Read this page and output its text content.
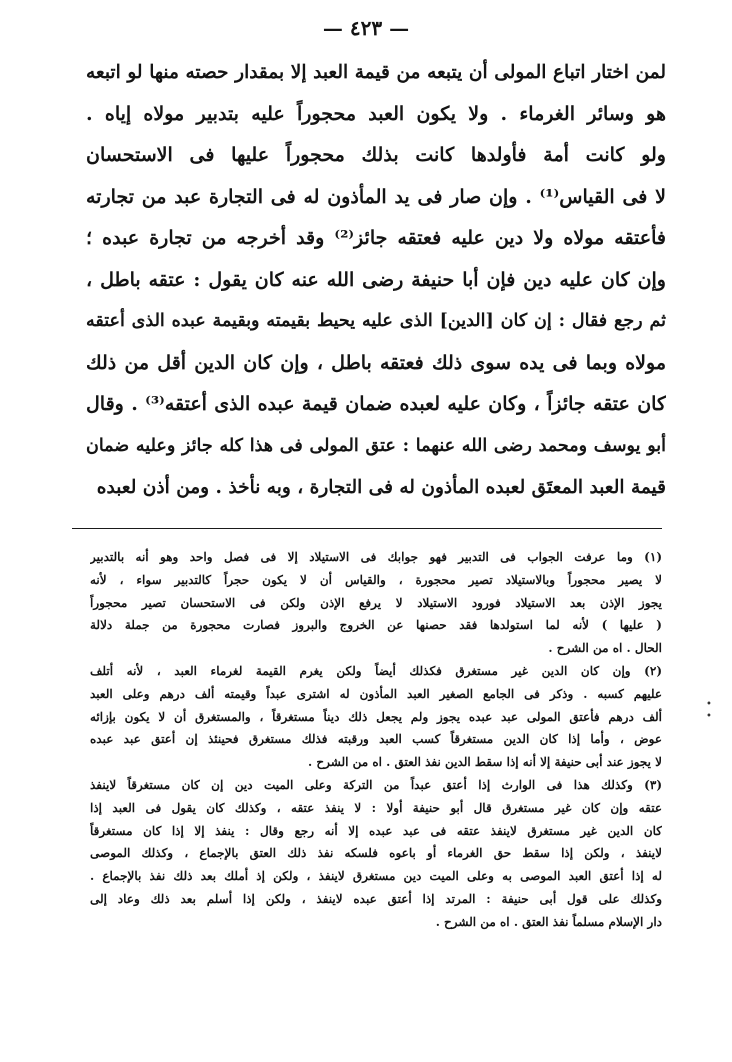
— ٤٢٣ —
لمن اختار اتباع المولى أن يتبعه من قيمة العبد إلا بمقدار حصته منها لو اتبعه
هو وسائر الغرماء . ولا يكون العبد محجوراً عليه بتدبير مولاه إياه .
ولو كانت أمة فأولدها كانت بذلك محجوراً عليها فى الاستحسان
لا فى القياس⁽¹⁾ . وإن صار فى يد المأذون له فى التجارة عبد من تجارته
فأعتقه مولاه ولا دين عليه فعتقه جائز⁽²⁾ وقد أخرجه من تجارة عبده ؛
وإن كان عليه دين فإن أبا حنيفة رضى الله عنه كان يقول : عتقه باطل ،
ثم رجع فقال : إن كان [الدين] الذى عليه يحيط بقيمته وبقيمة عبده الذى أعتقه
مولاه وبما فى يده سوى ذلك فعتقه باطل ، وإن كان الدين أقل من ذلك
كان عتقه جائزاً ، وكان عليه لعبده ضمان قيمة عبده الذى أعتقه⁽³⁾ . وقال
أبو يوسف ومحمد رضى الله عنهما : عتق المولى فى هذا كله جائز وعليه ضمان
قيمة العبد المعتَق لعبده المأذون له فى التجارة ، وبه نأخذ . ومن أذن لعبده
(١) وما عرفت الجواب فى التدبير فهو جوابك فى الاستيلاد إلا فى فصل واحد وهو أنه بالتدبير
لا يصير محجوراً وبالاستيلاد تصير محجورة ، والقياس أن لا يكون حجراً كالتدبير سواء ، لأنه
يجوز الإذن بعد الاستيلاد فورود الاستيلاد لا يرفع الإذن ولكن فى الاستحسان تصير محجوراً
( عليها ) لأنه لما استولدها فقد حصنها عن الخروج والبروز فصارت محجورة من جملة دلالة
الحال . اه من الشرح .
(٢) وإن كان الدين غير مستغرق فكذلك أيضاً ولكن يغرم القيمة لغرماء العبد ، لأنه أتلف
عليهم كسبه . وذكر فى الجامع الصغير العبد المأذون له اشترى عبداً وقيمته ألف درهم وعلى العبد
ألف درهم فأعتق المولى عبد عبده يجوز ولم يجعل ذلك ديناً مستغرقاً ، والمستغرق أن لا يكون بإزائه
عوض ، وأما إذا كان الدين مستغرقاً كسب العبد ورقبته فذلك مستغرق فحينئذ إن أعتق عبد عبده
لا يجوز عند أبى حنيفة إلا أنه إذا سقط الدين نفذ العتق . اه من الشرح .
(٣) وكذلك هذا فى الوارث إذا أعتق عبداً من التركة وعلى الميت دين إن كان مستغرقاً لاينفذ
عتقه وإن كان غير مستغرق قال أبو حنيفة أولا : لا ينفذ عتقه ، وكذلك كان يقول فى العبد إذا
كان الدين غير مستغرق لاينفذ عتقه فى عبد عبده إلا أنه رجع وقال : ينفذ إلا إذا كان مستغرقاً
لاينفذ ، ولكن إذا سقط حق الغرماء أو باعوه فلسكه نفذ ذلك العتق بالإجماع ، وكذلك الموصى
له إذا أعتق العبد الموصى به وعلى الميت دين مستغرق لاينفذ ، ولكن إذ أملك بعد ذلك نفذ بالإجماع .
وكذلك على قول أبى حنيفة : المرتد إذا أعتق عبده لاينفذ ، ولكن إذا أسلم بعد ذلك وعاد إلى
دار الإسلام مسلماً نفذ العتق . اه من الشرح .
•
•
